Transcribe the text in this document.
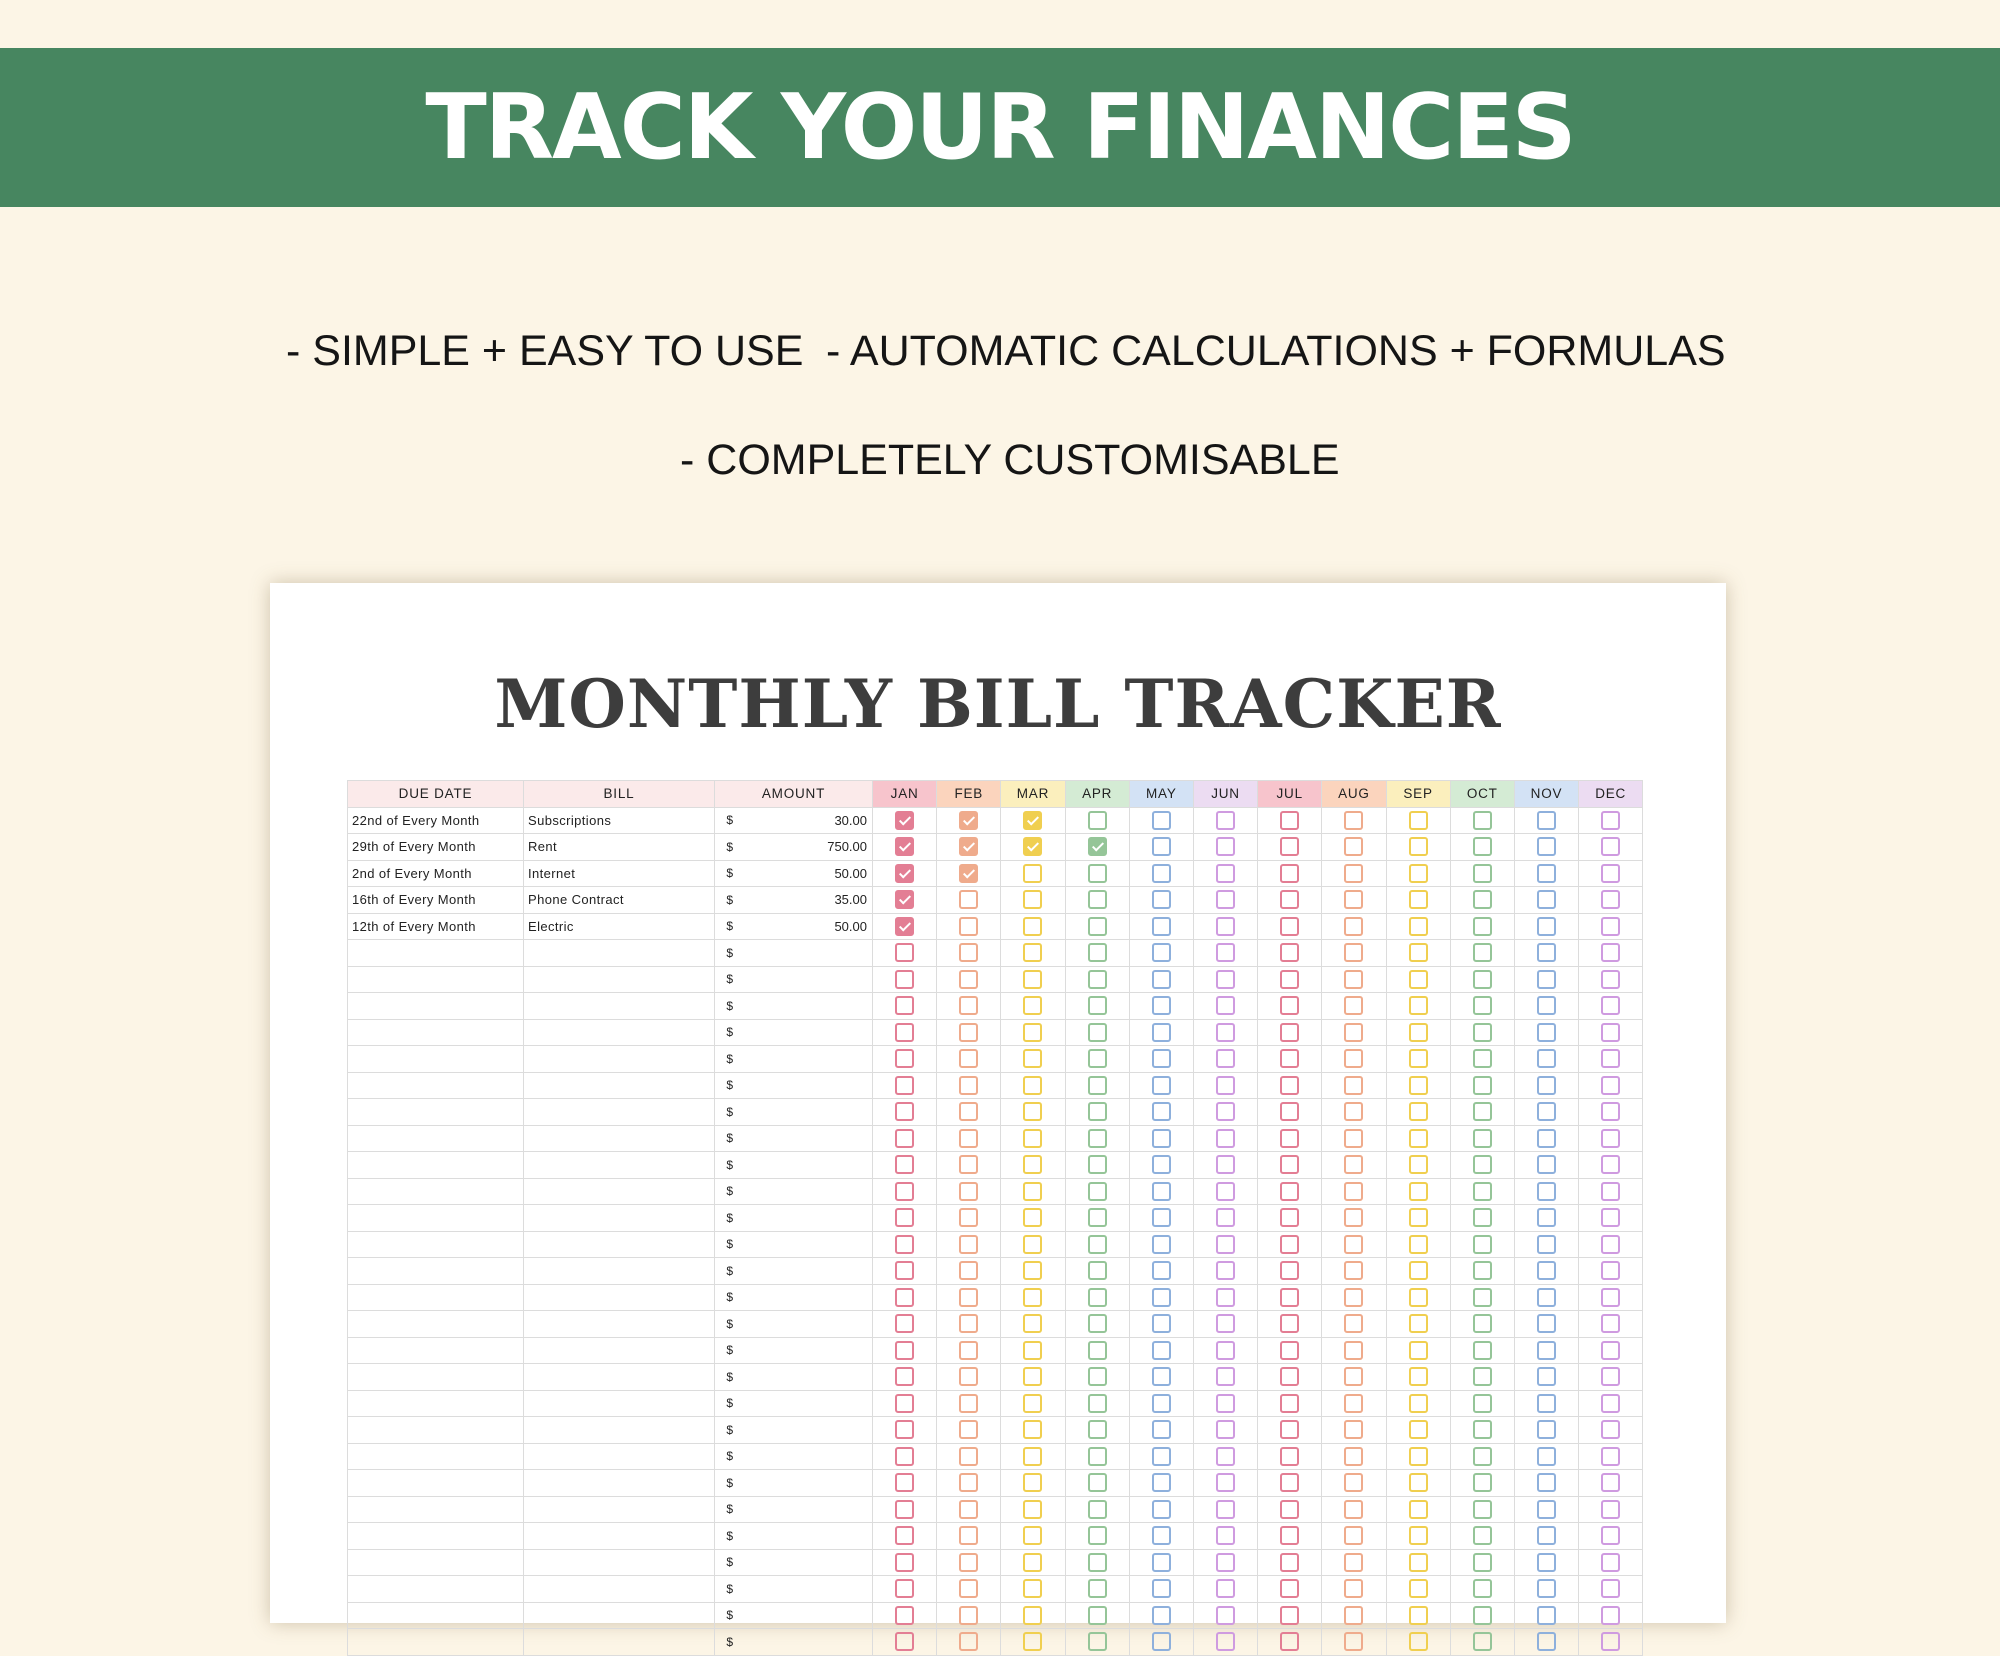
TRACK YOUR FINANCES
- SIMPLE + EASY TO USE - AUTOMATIC CALCULATIONS + FORMULAS
- COMPLETELY CUSTOMISABLE
MONTHLY BILL TRACKER
DUE DATE	BILL	AMOUNT		JAN	FEB	MAR	APR	MAY	JUN	JUL	AUG	SEP	OCT	NOV	DEC
22nd of Every Month	Subscriptions	$	30.00												
29th of Every Month	Rent	$	750.00												
2nd of Every Month	Internet	$	50.00												
16th of Every Month	Phone Contract	$	35.00												
12th of Every Month	Electric	$	50.00												
		$													
		$													
		$													
		$													
		$													
		$													
		$													
		$													
		$													
		$													
		$													
		$													
		$													
		$													
		$													
		$													
		$													
		$													
		$													
		$													
		$													
		$													
		$													
		$													
		$													
		$													
		$													
